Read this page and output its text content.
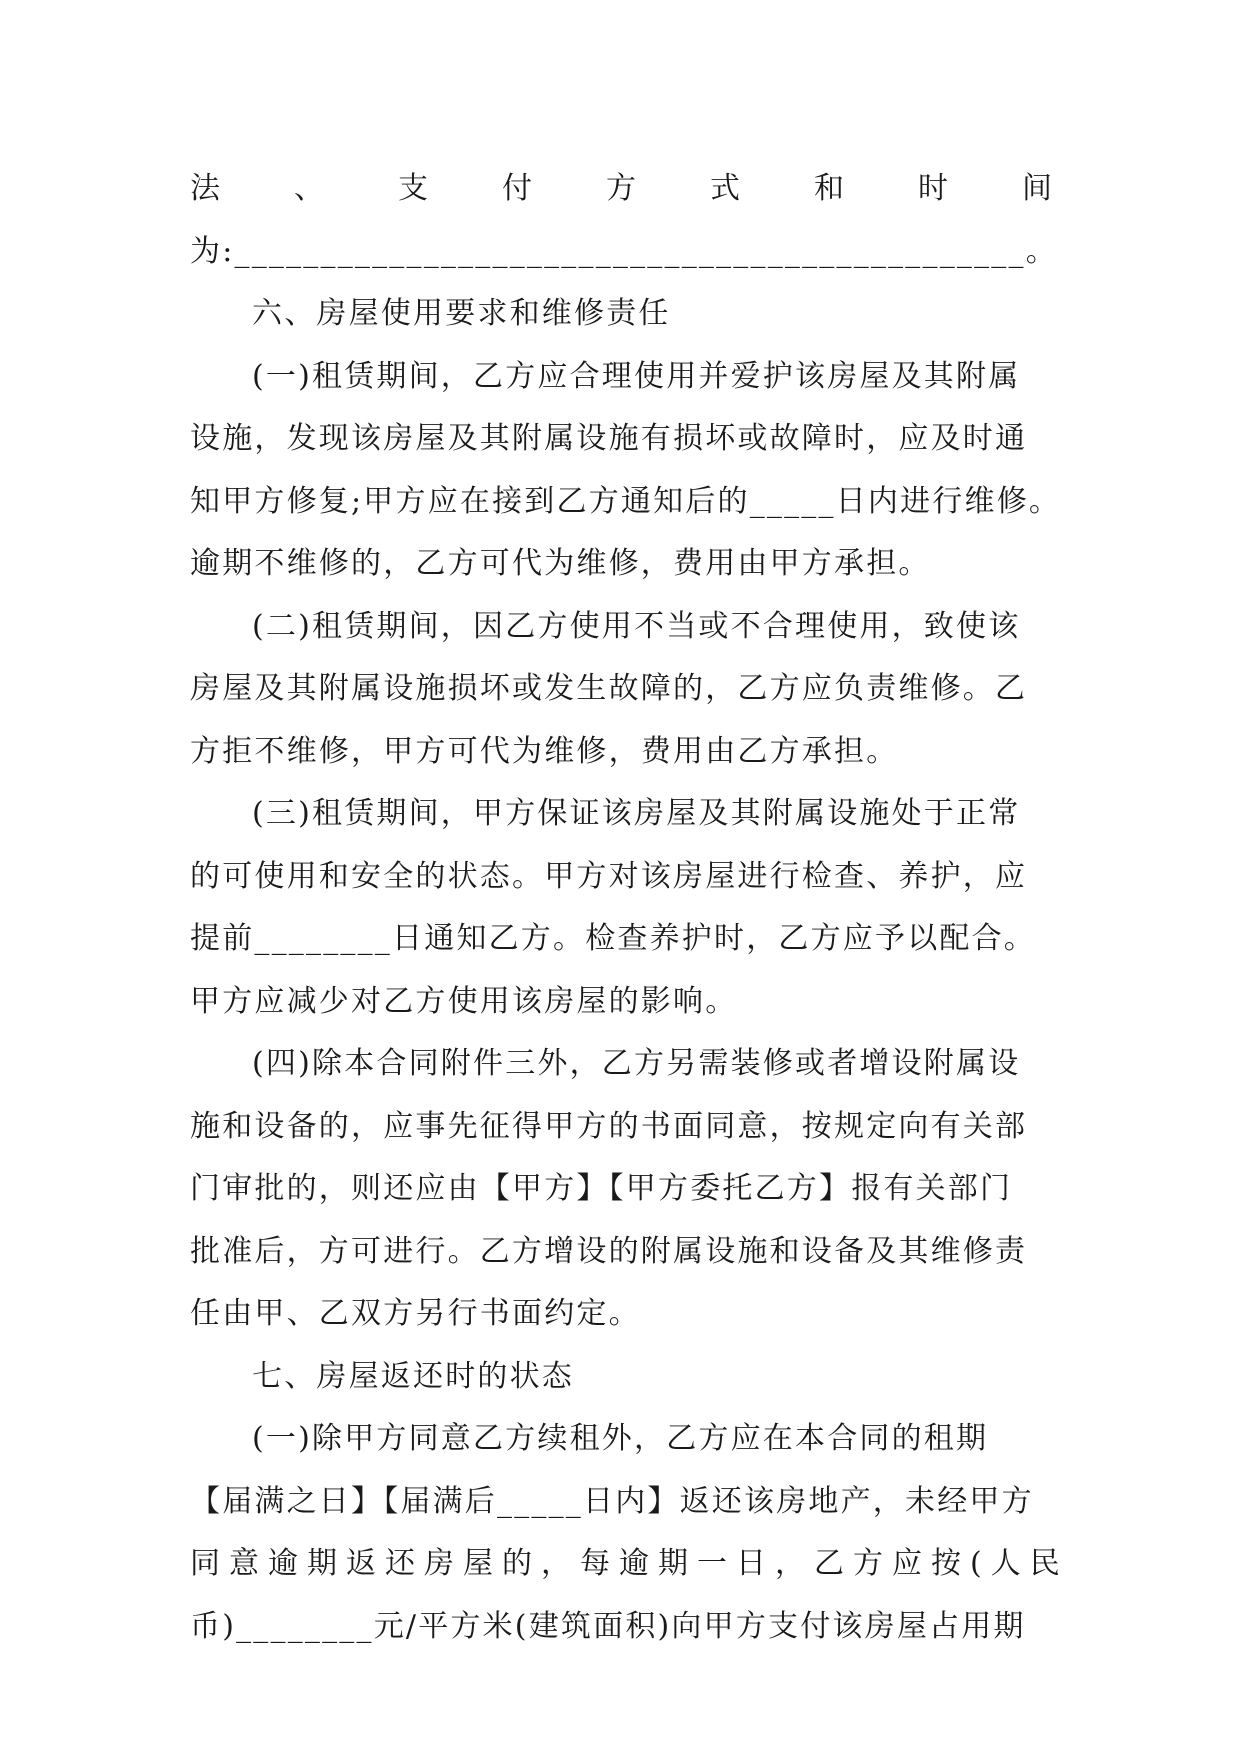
法 、 支 付 方 式 和 时 间
为:______________________________________________。
六、房屋使用要求和维修责任
(一)租赁期间，乙方应合理使用并爱护该房屋及其附属
设施，发现该房屋及其附属设施有损坏或故障时，应及时通
知甲方修复;甲方应在接到乙方通知后的_____日内进行维修。
逾期不维修的，乙方可代为维修，费用由甲方承担。
(二)租赁期间，因乙方使用不当或不合理使用，致使该
房屋及其附属设施损坏或发生故障的，乙方应负责维修。乙
方拒不维修，甲方可代为维修，费用由乙方承担。
(三)租赁期间，甲方保证该房屋及其附属设施处于正常
的可使用和安全的状态。甲方对该房屋进行检查、养护，应
提前________日通知乙方。检查养护时，乙方应予以配合。
甲方应减少对乙方使用该房屋的影响。
(四)除本合同附件三外，乙方另需装修或者增设附属设
施和设备的，应事先征得甲方的书面同意，按规定向有关部
门审批的，则还应由【甲方】【甲方委托乙方】报有关部门
批准后，方可进行。乙方增设的附属设施和设备及其维修责
任由甲、乙双方另行书面约定。
七、房屋返还时的状态
(一)除甲方同意乙方续租外，乙方应在本合同的租期
【届满之日】【届满后_____日内】返还该房地产，未经甲方
同意逾期返还房屋的，每逾期一日，乙方应按(人民
币)________元/平方米(建筑面积)向甲方支付该房屋占用期
